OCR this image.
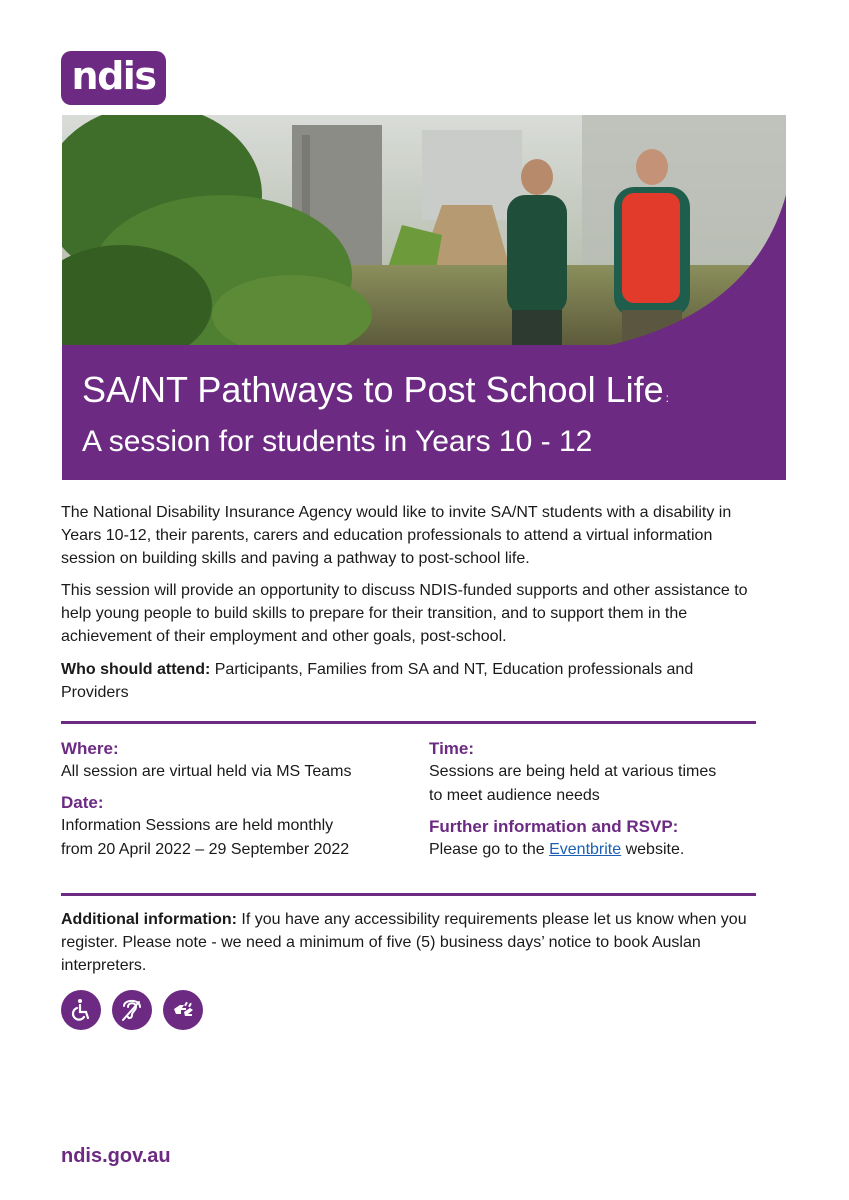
ndis
SA/NT Pathways to Post School Life :
A session for students in Years 10 - 12

The National Disability Insurance Agency would like to invite SA/NT students with a disability in Years 10-12, their parents, carers and education professionals to attend a virtual information session on building skills and paving a pathway to post-school life.

This session will provide an opportunity to discuss NDIS-funded supports and other assistance to help young people to build skills to prepare for their transition, and to support them in the achievement of their employment and other goals, post-school.

Who should attend: Participants, Families from SA and NT, Education professionals and Providers

Where:
All session are virtual held via MS Teams
Date:
Information Sessions are held monthly
from 20 April 2022 – 29 September 2022
Time:
Sessions are being held at various times
to meet audience needs
Further information and RSVP:
Please go to the Eventbrite website.

Additional information: If you have any accessibility requirements please let us know when you register. Please note - we need a minimum of five (5) business days’ notice to book Auslan interpreters.

ndis.gov.au
